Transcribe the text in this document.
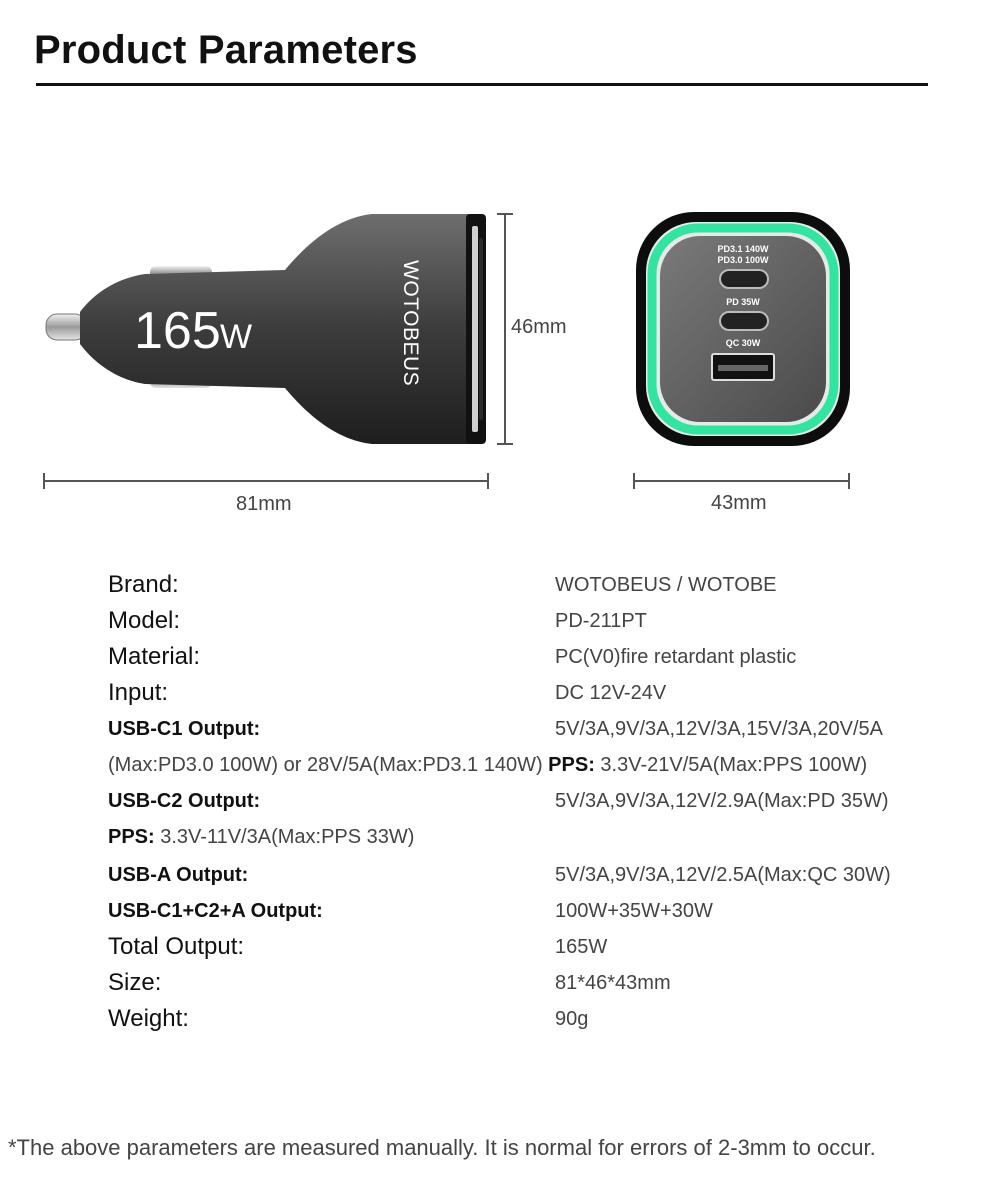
Product Parameters
165 W	WOTOBEUS
PD3.1 140W
PD3.0 100W
PD 35W
QC 30W
46mm
81mm	43mm
Brand:	WOTOBEUS / WOTOBE
Model:	PD-211PT
Material:	PC(V0)fire retardant plastic
Input:	DC 12V-24V
USB-C1 Output:	5V/3A,9V/3A,12V/3A,15V/3A,20V/5A
(Max:PD3.0 100W) or 28V/5A(Max:PD3.1 140W) PPS: 3.3V-21V/5A(Max:PPS 100W)
USB-C2 Output:	5V/3A,9V/3A,12V/2.9A(Max:PD 35W)
PPS: 3.3V-11V/3A(Max:PPS 33W)
USB-A Output:	5V/3A,9V/3A,12V/2.5A(Max:QC 30W)
USB-C1+C2+A Output:	100W+35W+30W
Total Output:	165W
Size:	81*46*43mm
Weight:	90g
*The above parameters are measured manually. It is normal for errors of 2-3mm to occur.
